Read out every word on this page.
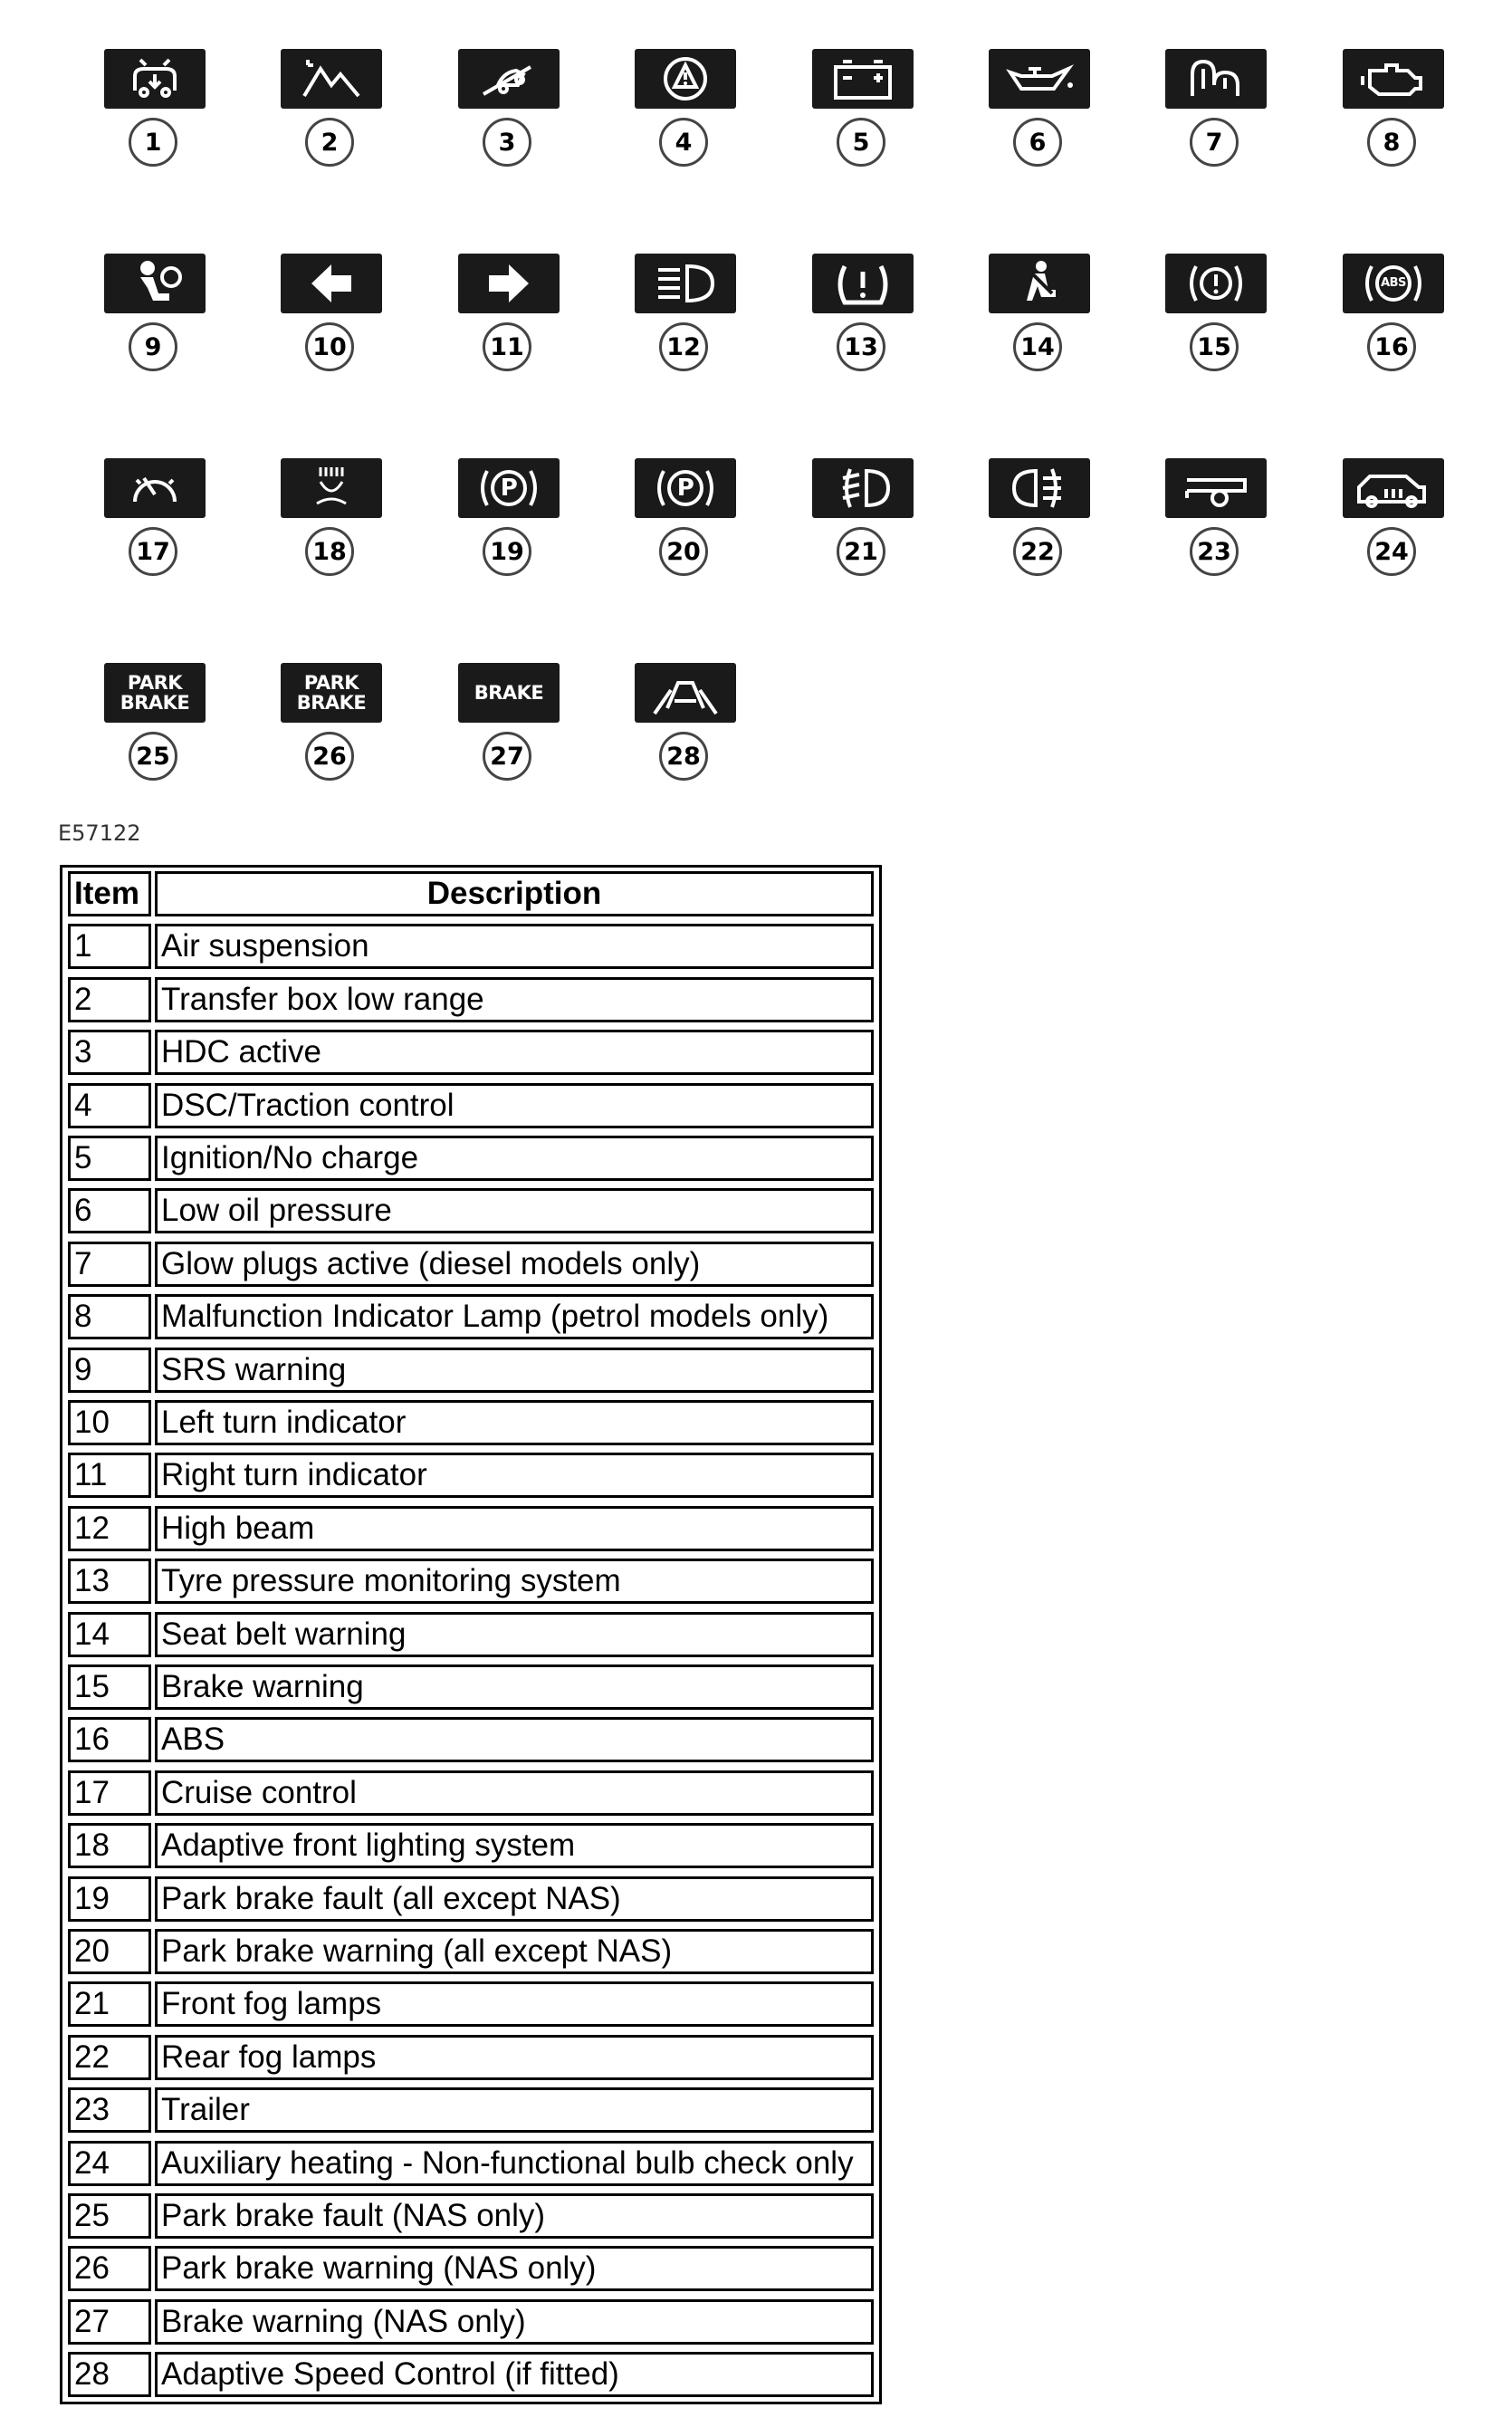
1	2	3	4	5	6	7	8
9	10	11	12	13	14	15
ABS
16
17	18
P
19
P
20	21	22	23	24
PARK
BRAKE
25
PARK
BRAKE
26
BRAKE
27	28
E57122
Item	Description
1	Air suspension
2	Transfer box low range
3	HDC active
4	DSC/Traction control
5	Ignition/No charge
6	Low oil pressure
7	Glow plugs active (diesel models only)
8	Malfunction Indicator Lamp (petrol models only)
9	SRS warning
10	Left turn indicator
11	Right turn indicator
12	High beam
13	Tyre pressure monitoring system
14	Seat belt warning
15	Brake warning
16	ABS
17	Cruise control
18	Adaptive front lighting system
19	Park brake fault (all except NAS)
20	Park brake warning (all except NAS)
21	Front fog lamps
22	Rear fog lamps
23	Trailer
24	Auxiliary heating - Non-functional bulb check only
25	Park brake fault (NAS only)
26	Park brake warning (NAS only)
27	Brake warning (NAS only)
28	Adaptive Speed Control (if fitted)
